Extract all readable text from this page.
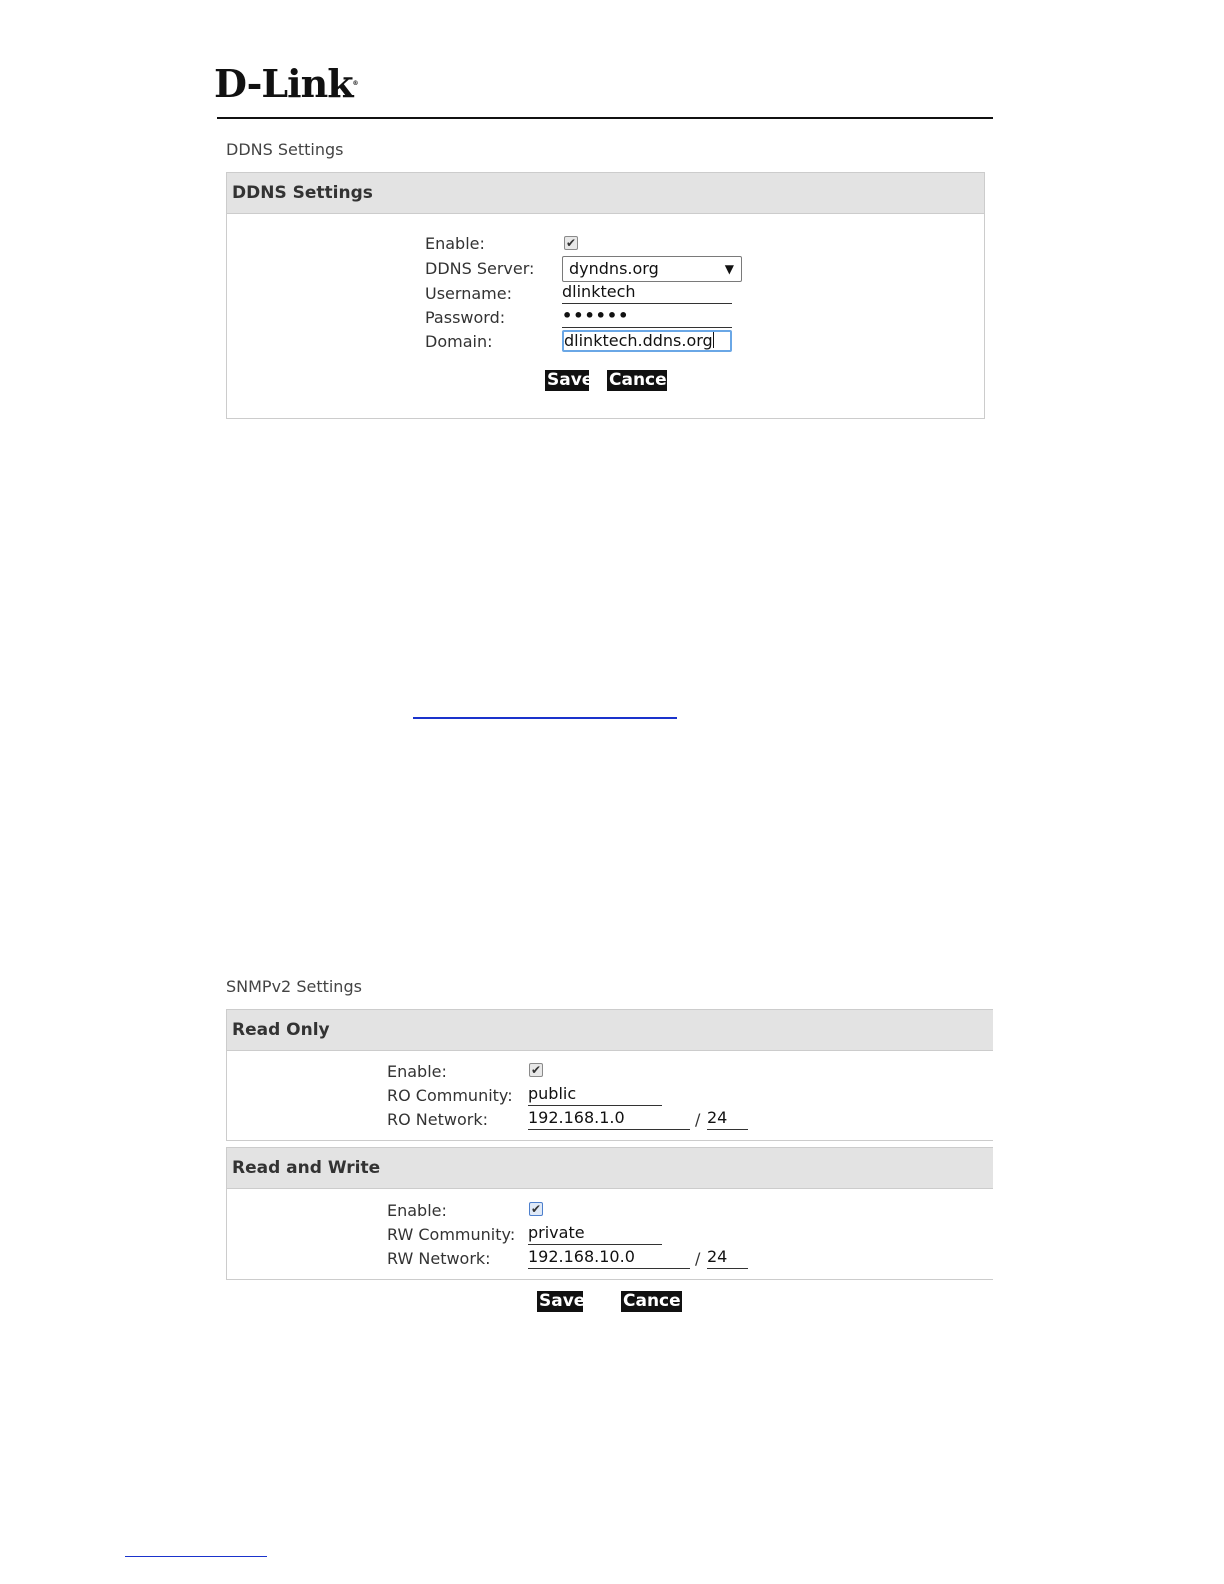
D-Link®
DDNS Settings
DDNS Settings
Enable:	✔
DDNS Server:	dyndns.org	▼
Username:	dlinktech
Password:	••••••
Domain:	dlinktech.ddns.org
Save Cancel
SNMPv2 Settings
Read Only
Enable:	✔
RO Community: public
RO Network:	192.168.1.0	/ 24
Read and Write
Enable:	✔
RW Community: private
RW Network: 192.168.10.0	/ 24
Save Cancel
